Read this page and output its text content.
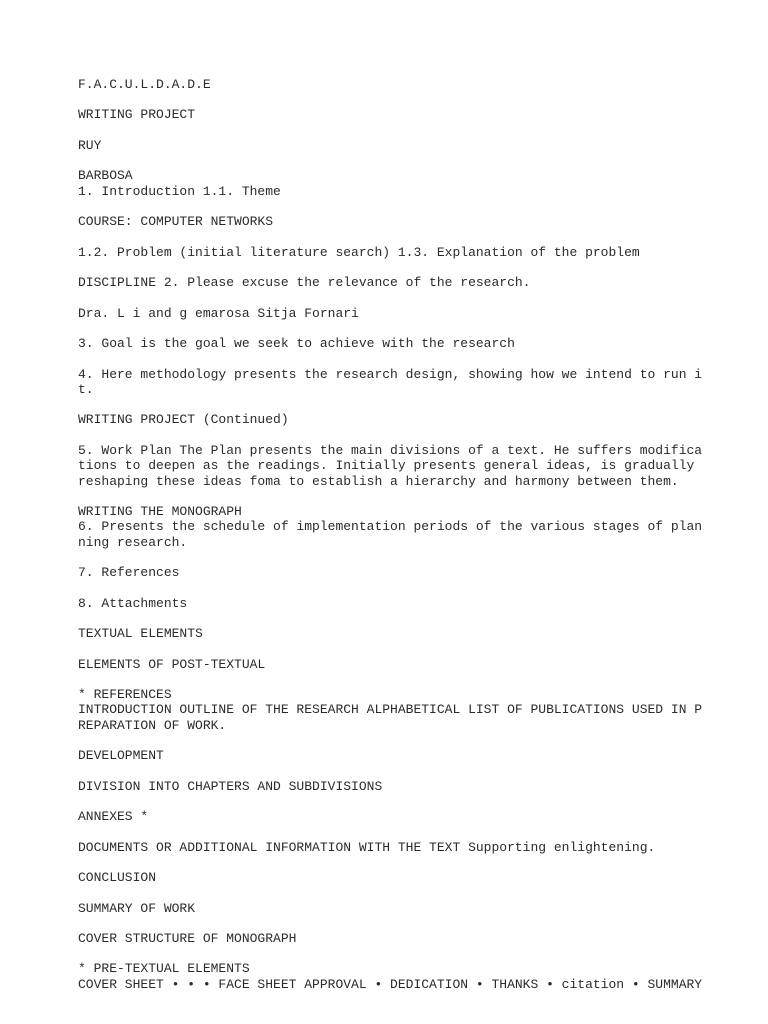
F.A.C.U.L.D.A.D.E
WRITING PROJECT
RUY
BARBOSA
1. Introduction 1.1. Theme
COURSE: COMPUTER NETWORKS
1.2. Problem (initial literature search) 1.3. Explanation of the problem
DISCIPLINE 2. Please excuse the relevance of the research.
Dra. L i and g emarosa Sitja Fornari
3. Goal is the goal we seek to achieve with the research
4. Here methodology presents the research design, showing how we intend to run i
t.
WRITING PROJECT (Continued)
5. Work Plan The Plan presents the main divisions of a text. He suffers modifica
tions to deepen as the readings. Initially presents general ideas, is gradually
reshaping these ideas foma to establish a hierarchy and harmony between them.
WRITING THE MONOGRAPH
6. Presents the schedule of implementation periods of the various stages of plan
ning research.
7. References
8. Attachments
TEXTUAL ELEMENTS
ELEMENTS OF POST-TEXTUAL
* REFERENCES
INTRODUCTION OUTLINE OF THE RESEARCH ALPHABETICAL LIST OF PUBLICATIONS USED IN P
REPARATION OF WORK.
DEVELOPMENT
DIVISION INTO CHAPTERS AND SUBDIVISIONS
ANNEXES *
DOCUMENTS OR ADDITIONAL INFORMATION WITH THE TEXT Supporting enlightening.
CONCLUSION
SUMMARY OF WORK
COVER STRUCTURE OF MONOGRAPH
* PRE-TEXTUAL ELEMENTS
COVER SHEET • • • FACE SHEET APPROVAL • DEDICATION • THANKS • citation • SUMMARY
